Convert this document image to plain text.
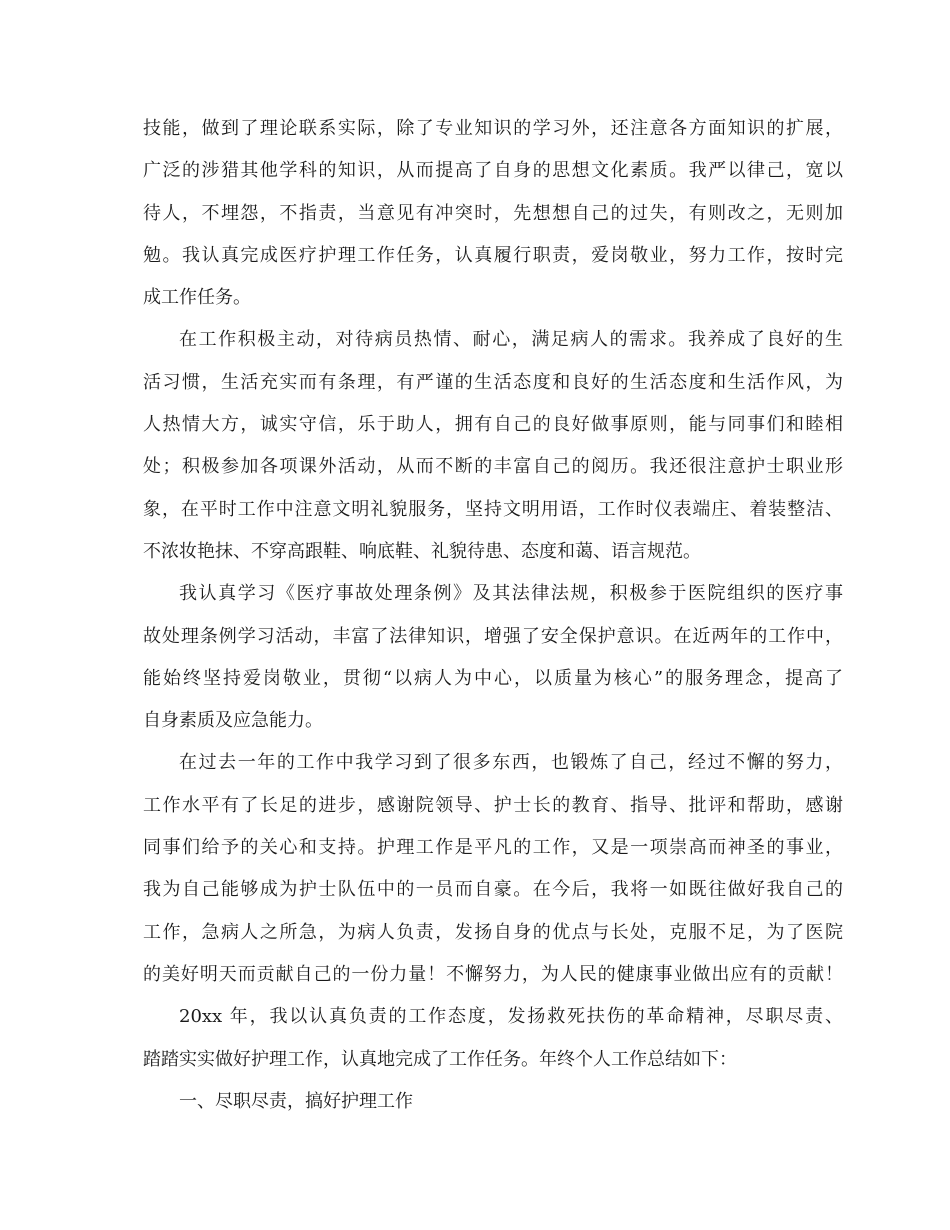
技能，做到了理论联系实际，除了专业知识的学习外，还注意各方面知识的扩展，
广泛的涉猎其他学科的知识，从而提高了自身的思想文化素质。我严以律己，宽以
待人，不埋怨，不指责，当意见有冲突时，先想想自己的过失，有则改之，无则加
勉。我认真完成医疗护理工作任务，认真履行职责，爱岗敬业，努力工作，按时完
成工作任务。
在工作积极主动，对待病员热情、耐心，满足病人的需求。我养成了良好的生
活习惯，生活充实而有条理，有严谨的生活态度和良好的生活态度和生活作风，为
人热情大方，诚实守信，乐于助人，拥有自己的良好做事原则，能与同事们和睦相
处；积极参加各项课外活动，从而不断的丰富自己的阅历。我还很注意护士职业形
象，在平时工作中注意文明礼貌服务，坚持文明用语，工作时仪表端庄、着装整洁、
不浓妆艳抹、不穿高跟鞋、响底鞋、礼貌待患、态度和蔼、语言规范。
我认真学习《医疗事故处理条例》及其法律法规，积极参于医院组织的医疗事
故处理条例学习活动，丰富了法律知识，增强了安全保护意识。在近两年的工作中，
能始终坚持爱岗敬业，贯彻“以病人为中心，以质量为核心”的服务理念，提高了
自身素质及应急能力。
在过去一年的工作中我学习到了很多东西，也锻炼了自己，经过不懈的努力，
工作水平有了长足的进步，感谢院领导、护士长的教育、指导、批评和帮助，感谢
同事们给予的关心和支持。护理工作是平凡的工作，又是一项崇高而神圣的事业，
我为自己能够成为护士队伍中的一员而自豪。在今后，我将一如既往做好我自己的
工作，急病人之所急，为病人负责，发扬自身的优点与长处，克服不足，为了医院
的美好明天而贡献自己的一份力量！不懈努力，为人民的健康事业做出应有的贡献！
20xx 年，我以认真负责的工作态度，发扬救死扶伤的革命精神，尽职尽责、
踏踏实实做好护理工作，认真地完成了工作任务。年终个人工作总结如下：
一、尽职尽责，搞好护理工作
